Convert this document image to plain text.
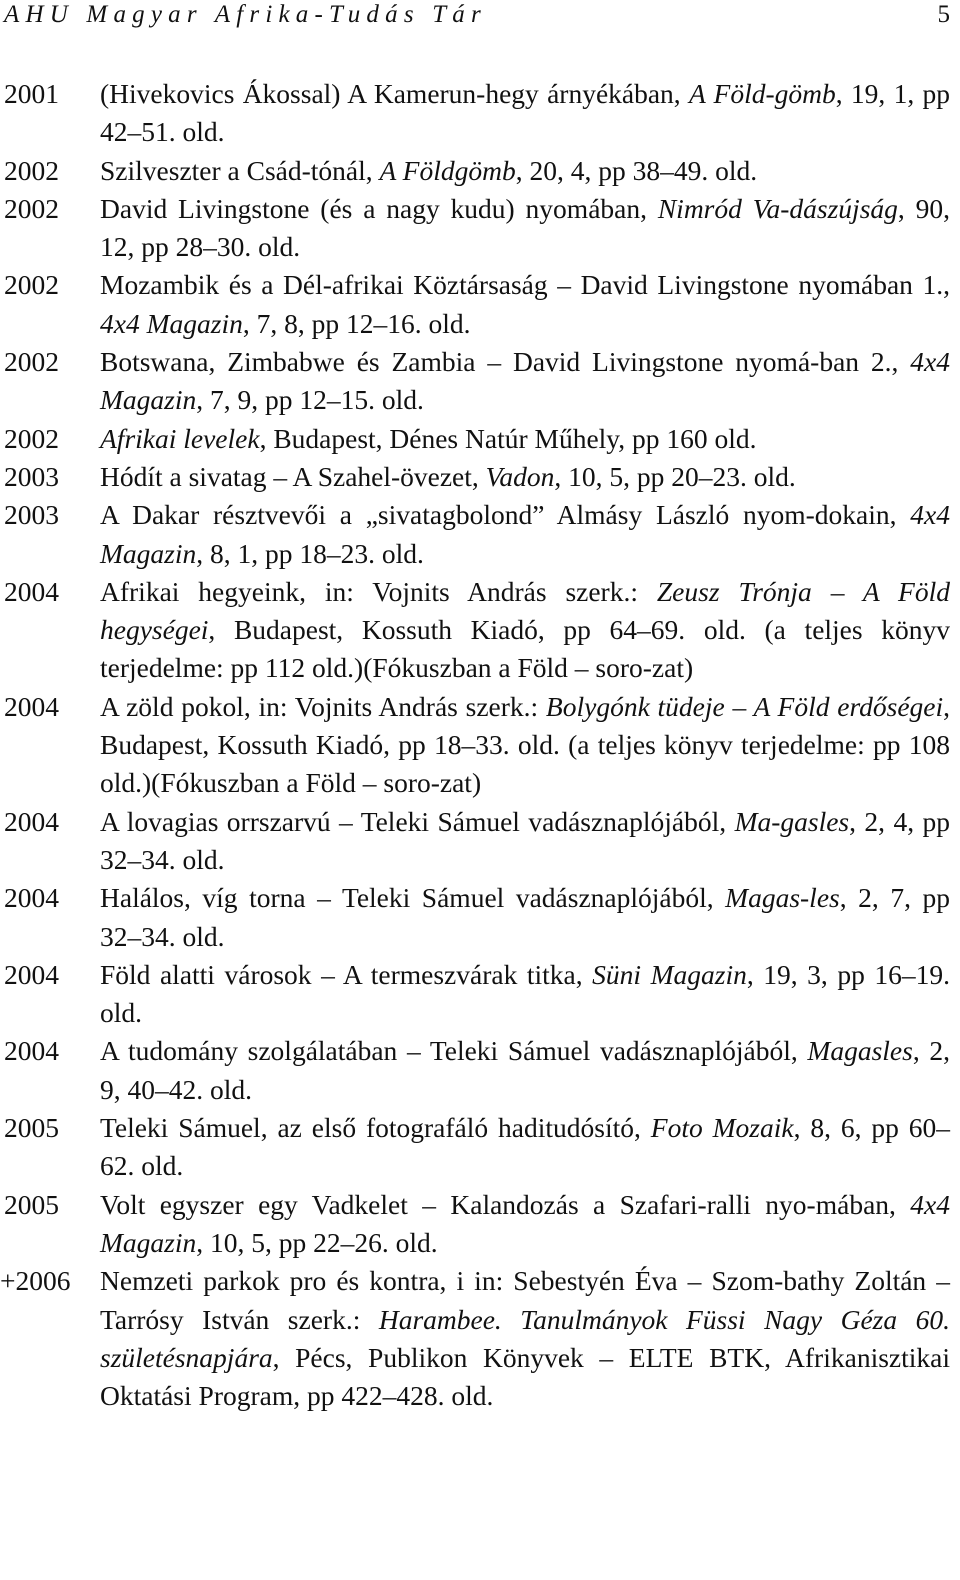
AHU Magyar Afrika-Tudás Tár	5
2001	(Hivekovics Ákossal) A Kamerun-hegy árnyékában, A Föld-gömb, 19, 1, pp 42–51. old.
2002	Szilveszter a Csád-tónál, A Földgömb, 20, 4, pp 38–49. old.
2002	David Livingstone (és a nagy kudu) nyomában, Nimród Va-dászújság, 90, 12, pp 28–30. old.
2002	Mozambik és a Dél-afrikai Köztársaság – David Livingstone nyomában 1., 4x4 Magazin, 7, 8, pp 12–16. old.
2002	Botswana, Zimbabwe és Zambia – David Livingstone nyomá-ban 2., 4x4 Magazin, 7, 9, pp 12–15. old.
2002	Afrikai levelek, Budapest, Dénes Natúr Műhely, pp 160 old.
2003	Hódít a sivatag – A Szahel-övezet, Vadon, 10, 5, pp 20–23. old.
2003	A Dakar résztvevői a „sivatagbolond” Almásy László nyom-dokain, 4x4 Magazin, 8, 1, pp 18–23. old.
2004	Afrikai hegyeink, in: Vojnits András szerk.: Zeusz Trónja – A Föld hegységei, Budapest, Kossuth Kiadó, pp 64–69. old. (a teljes könyv terjedelme: pp 112 old.)(Fókuszban a Föld – soro-zat)
2004	A zöld pokol, in: Vojnits András szerk.: Bolygónk tüdeje – A Föld erdőségei, Budapest, Kossuth Kiadó, pp 18–33. old. (a teljes könyv terjedelme: pp 108 old.)(Fókuszban a Föld – soro-zat)
2004	A lovagias orrszarvú – Teleki Sámuel vadásznaplójából, Ma-gasles, 2, 4, pp 32–34. old.
2004	Halálos, víg torna – Teleki Sámuel vadásznaplójából, Magas-les, 2, 7, pp 32–34. old.
2004	Föld alatti városok – A termeszvárak titka, Süni Magazin, 19, 3, pp 16–19. old.
2004	A tudomány szolgálatában – Teleki Sámuel vadásznaplójából, Magasles, 2, 9, 40–42. old.
2005	Teleki Sámuel, az első fotografáló haditudósító, Foto Mozaik, 8, 6, pp 60–62. old.
2005	Volt egyszer egy Vadkelet – Kalandozás a Szafari-ralli nyo-mában, 4x4 Magazin, 10, 5, pp 22–26. old.
+2006	Nemzeti parkok pro és kontra, i in: Sebestyén Éva – Szom-bathy Zoltán – Tarrósy István szerk.: Harambee. Tanulmányok Füssi Nagy Géza 60. születésnapjára, Pécs, Publikon Könyvek – ELTE BTK, Afrikanisztikai Oktatási Program, pp 422–428. old.
